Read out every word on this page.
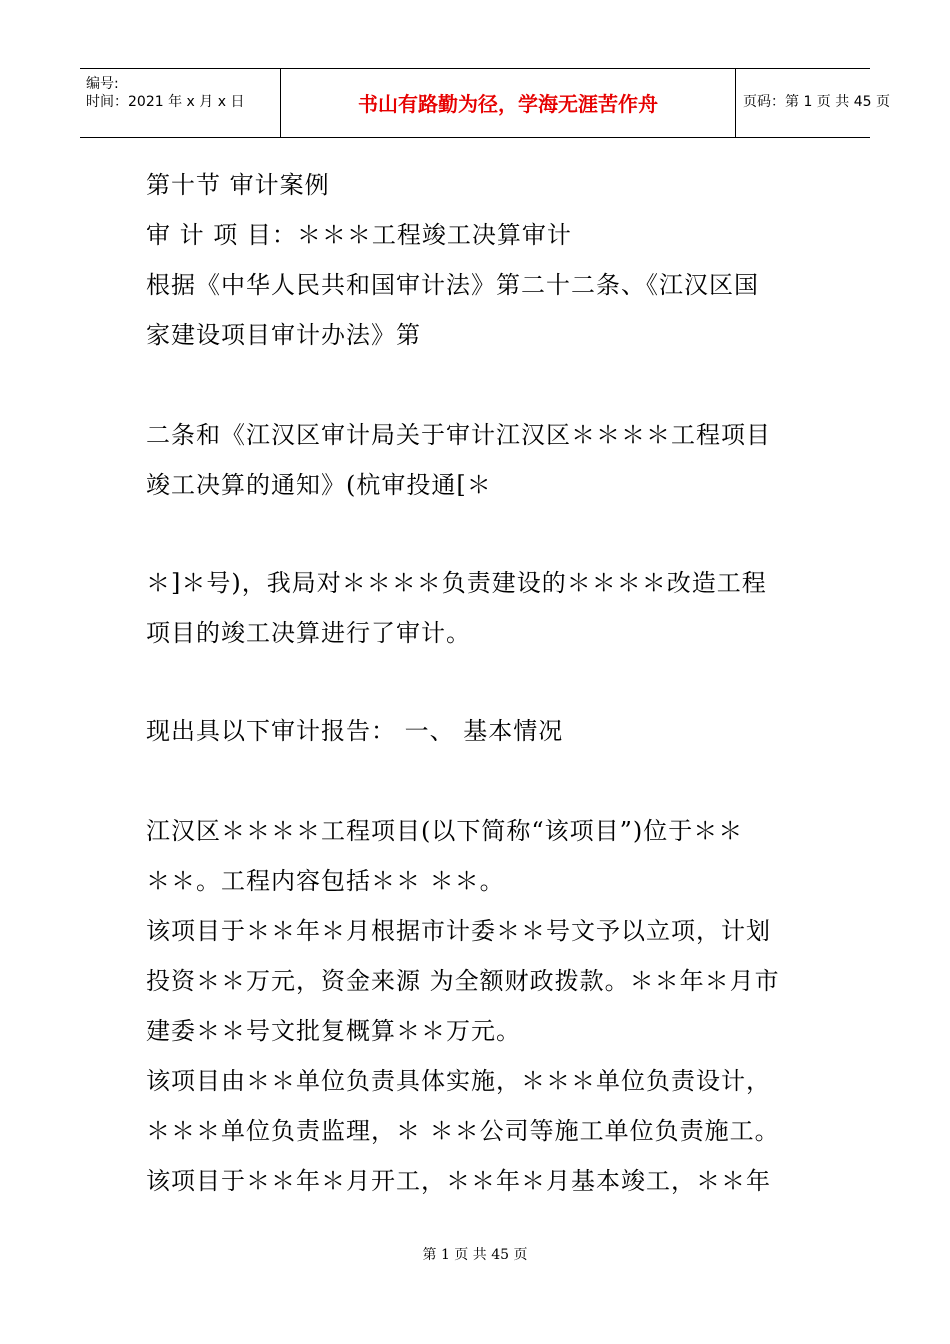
编号:
时间：2021 年 x 月 x 日	书山有路勤为径，学海无涯苦作舟	页码：第 1 页 共 45 页
第十节 审计案例
审 计 项 目：＊＊＊工程竣工决算审计
根据《中华人民共和国审计法》第二十二条、《江汉区国
家建设项目审计办法》第
二条和《江汉区审计局关于审计江汉区＊＊＊＊工程项目
竣工决算的通知》(杭审投通[＊
＊]＊号)，我局对＊＊＊＊负责建设的＊＊＊＊改造工程
项目的竣工决算进行了审计。
现出具以下审计报告： 一、 基本情况
江汉区＊＊＊＊工程项目(以下简称“该项目”)位于＊＊
＊＊。工程内容包括＊＊ ＊＊。
该项目于＊＊年＊月根据市计委＊＊号文予以立项，计划
投资＊＊万元，资金来源 为全额财政拨款。＊＊年＊月市
建委＊＊号文批复概算＊＊万元。
该项目由＊＊单位负责具体实施，＊＊＊单位负责设计，
＊＊＊单位负责监理，＊ ＊＊公司等施工单位负责施工。
该项目于＊＊年＊月开工，＊＊年＊月基本竣工，＊＊年
第 1 页 共 45 页
